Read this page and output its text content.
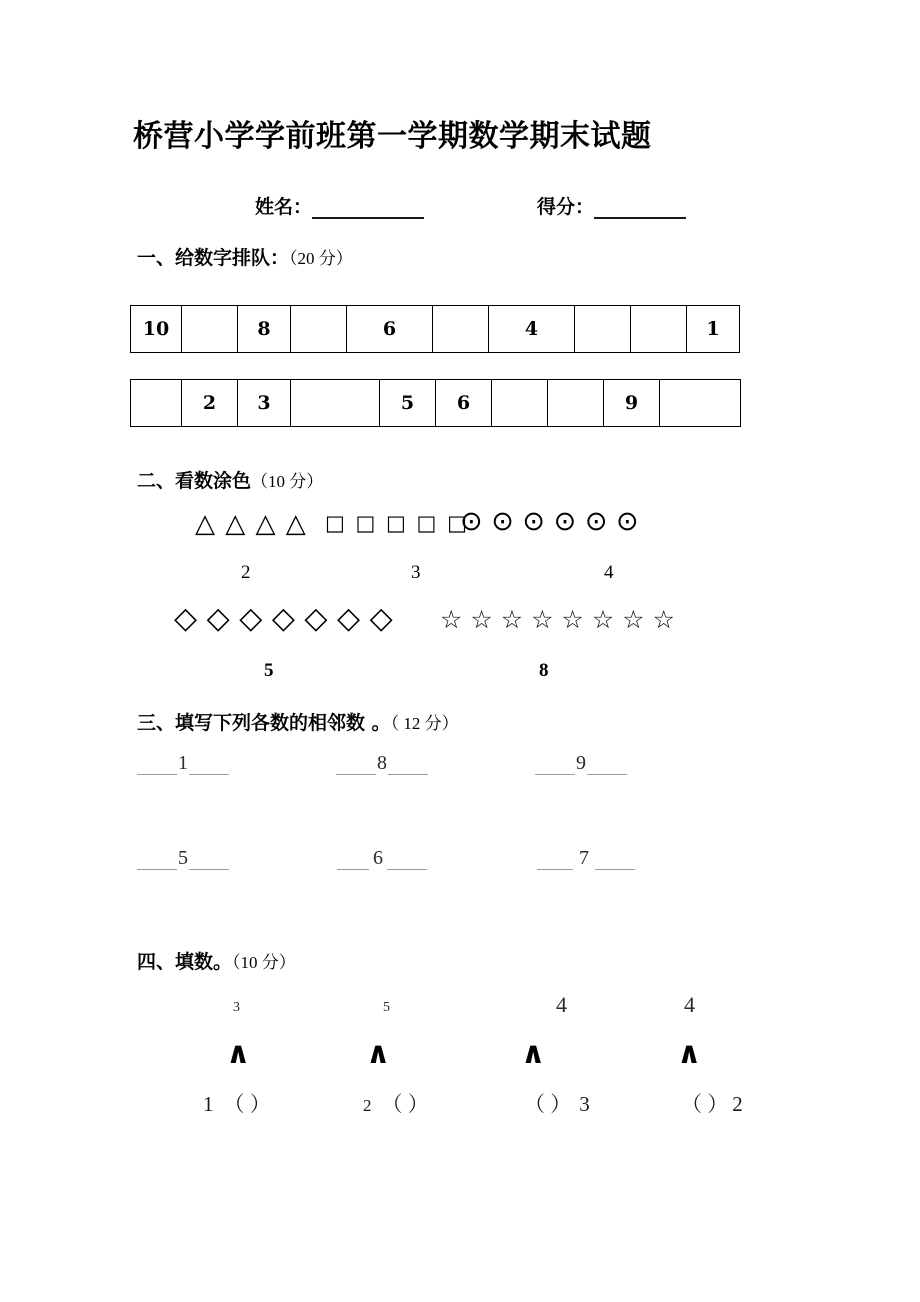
桥营小学学前班第一学期数学期末试题
姓名：	得分：
一、给数字排队：（20 分）
10		8		6		4			1
	2	3		5	6			9	
二、看数涂色（10 分）
△ △ △ △ □ □ □ □ □
⊙ ⊙ ⊙ ⊙ ⊙ ⊙
2	3	4
◇ ◇ ◇ ◇ ◇ ◇ ◇ ☆ ☆ ☆ ☆ ☆ ☆ ☆ ☆
5	8
三、填写下列各数的相邻数 。（ 12 分）
1	8	9
5	6	7
四、填数。（10 分）
3	5	4	4
∧	∧	∧	∧
1 （ ）	2 （ ）	（ ） 3	（ ） 2
